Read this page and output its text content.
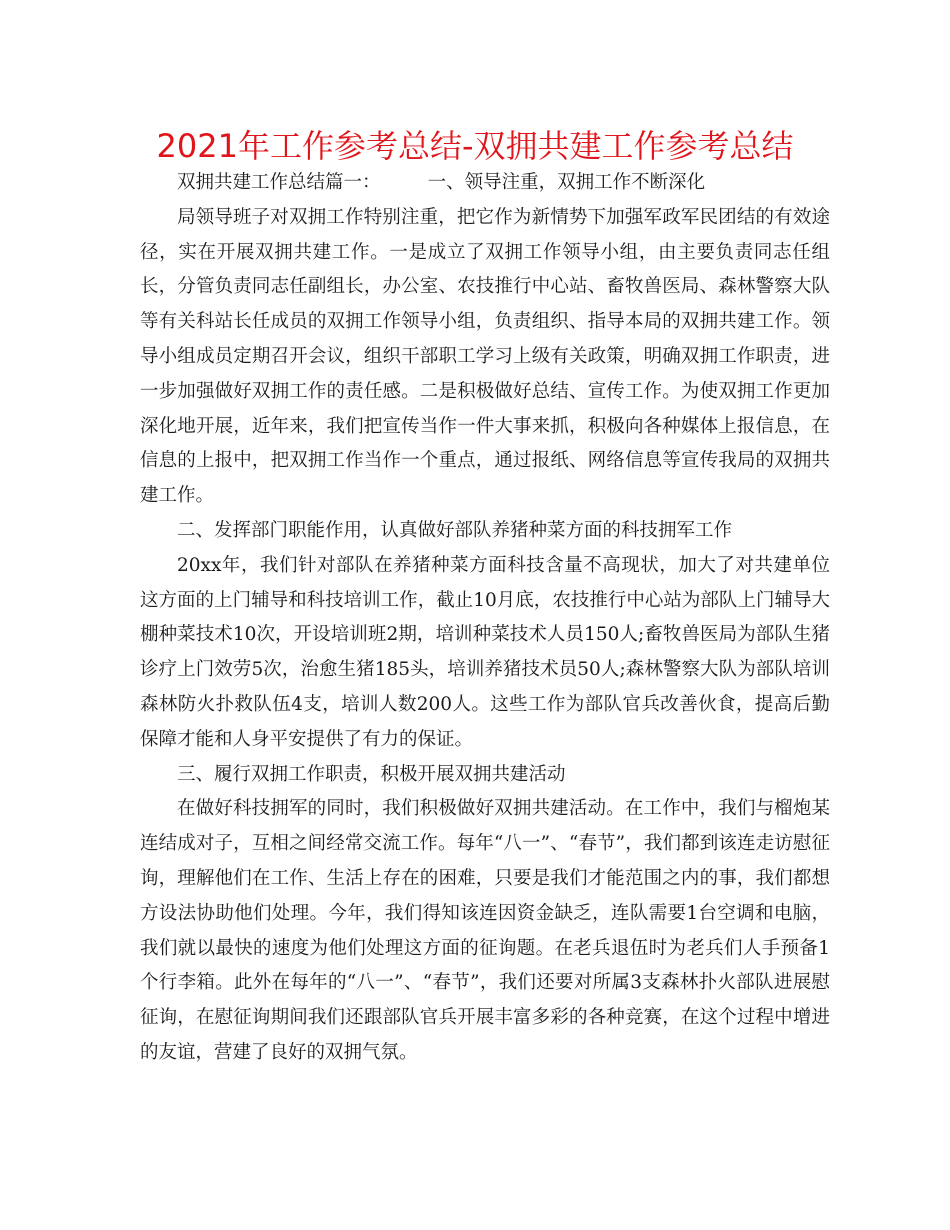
2021年工作参考总结-双拥共建工作参考总结

双拥共建工作总结篇一：	一、领导注重，双拥工作不断深化

局领导班子对双拥工作特别注重，把它作为新情势下加强军政军民团结的有效途径，实在开展双拥共建工作。一是成立了双拥工作领导小组，由主要负责同志任组长，分管负责同志任副组长，办公室、农技推行中心站、畜牧兽医局、森林警察大队等有关科站长任成员的双拥工作领导小组，负责组织、指导本局的双拥共建工作。领导小组成员定期召开会议，组织干部职工学习上级有关政策，明确双拥工作职责，进一步加强做好双拥工作的责任感。二是积极做好总结、宣传工作。为使双拥工作更加深化地开展，近年来，我们把宣传当作一件大事来抓，积极向各种媒体上报信息，在信息的上报中，把双拥工作当作一个重点，通过报纸、网络信息等宣传我局的双拥共建工作。

二、发挥部门职能作用，认真做好部队养猪种菜方面的科技拥军工作

20xx年，我们针对部队在养猪种菜方面科技含量不高现状，加大了对共建单位这方面的上门辅导和科技培训工作，截止10月底，农技推行中心站为部队上门辅导大棚种菜技术10次，开设培训班2期，培训种菜技术人员150人;畜牧兽医局为部队生猪诊疗上门效劳5次，治愈生猪185头，培训养猪技术员50人;森林警察大队为部队培训森林防火扑救队伍4支，培训人数200人。这些工作为部队官兵改善伙食，提高后勤保障才能和人身平安提供了有力的保证。

三、履行双拥工作职责，积极开展双拥共建活动

在做好科技拥军的同时，我们积极做好双拥共建活动。在工作中，我们与榴炮某连结成对子，互相之间经常交流工作。每年“八一”、“春节”，我们都到该连走访慰征询，理解他们在工作、生活上存在的困难，只要是我们才能范围之内的事，我们都想方设法协助他们处理。今年，我们得知该连因资金缺乏，连队需要1台空调和电脑，我们就以最快的速度为他们处理这方面的征询题。在老兵退伍时为老兵们人手预备1个行李箱。此外在每年的“八一”、“春节”，我们还要对所属3支森林扑火部队进展慰征询，在慰征询期间我们还跟部队官兵开展丰富多彩的各种竞赛，在这个过程中增进的友谊，营建了良好的双拥气氛。
